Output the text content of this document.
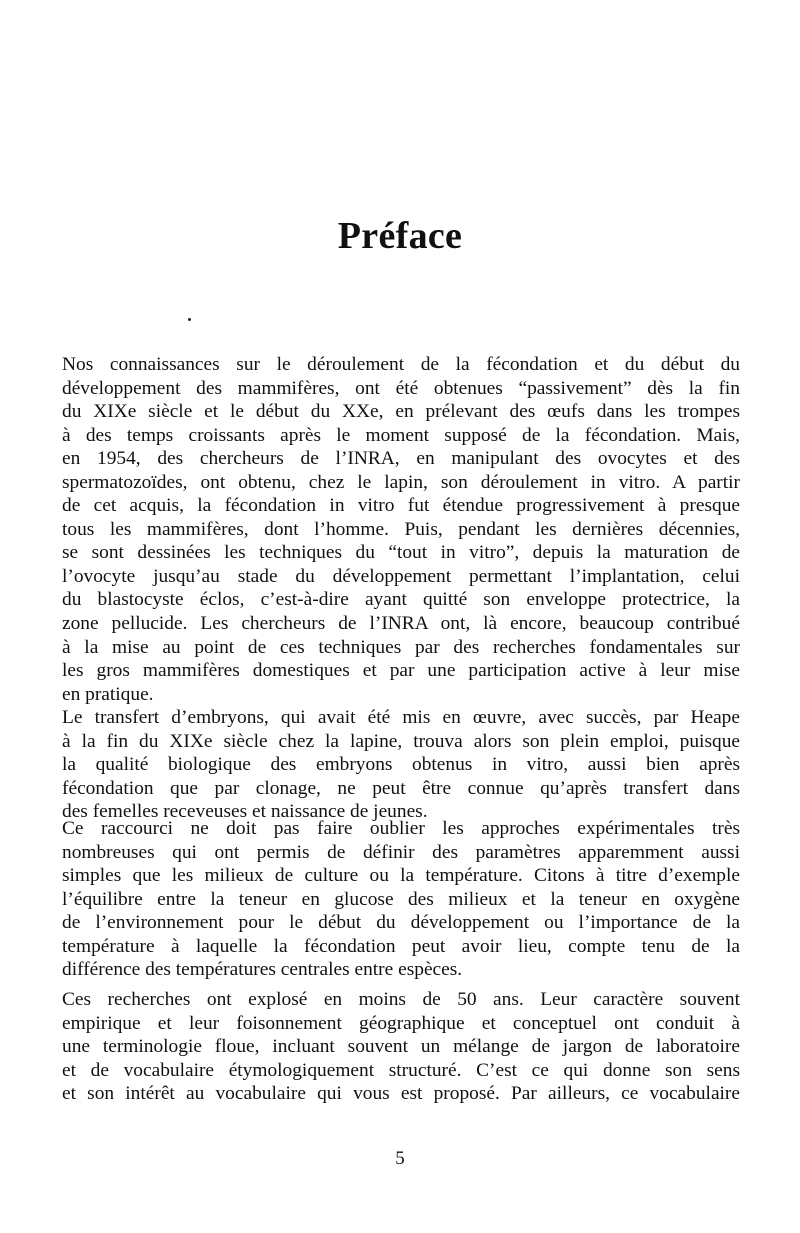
Préface
Nos connaissances sur le déroulement de la fécondation et du début du
développement des mammifères, ont été obtenues “passivement” dès la fin
du XIXe siècle et le début du XXe, en prélevant des œufs dans les trompes
à des temps croissants après le moment supposé de la fécondation. Mais,
en 1954, des chercheurs de l’INRA, en manipulant des ovocytes et des
spermatozoïdes, ont obtenu, chez le lapin, son déroulement in vitro. A partir
de cet acquis, la fécondation in vitro fut étendue progressivement à presque
tous les mammifères, dont l’homme. Puis, pendant les dernières décennies,
se sont dessinées les techniques du “tout in vitro”, depuis la maturation de
l’ovocyte jusqu’au stade du développement permettant l’implantation, celui
du blastocyste éclos, c’est-à-dire ayant quitté son enveloppe protectrice, la
zone pellucide. Les chercheurs de l’INRA ont, là encore, beaucoup contribué
à la mise au point de ces techniques par des recherches fondamentales sur
les gros mammifères domestiques et par une participation active à leur mise
en pratique.
Le transfert d’embryons, qui avait été mis en œuvre, avec succès, par Heape
à la fin du XIXe siècle chez la lapine, trouva alors son plein emploi, puisque
la qualité biologique des embryons obtenus in vitro, aussi bien après
fécondation que par clonage, ne peut être connue qu’après transfert dans
des femelles receveuses et naissance de jeunes.
Ce raccourci ne doit pas faire oublier les approches expérimentales très
nombreuses qui ont permis de définir des paramètres apparemment aussi
simples que les milieux de culture ou la température. Citons à titre d’exemple
l’équilibre entre la teneur en glucose des milieux et la teneur en oxygène
de l’environnement pour le début du développement ou l’importance de la
température à laquelle la fécondation peut avoir lieu, compte tenu de la
différence des températures centrales entre espèces.
Ces recherches ont explosé en moins de 50 ans. Leur caractère souvent
empirique et leur foisonnement géographique et conceptuel ont conduit à
une terminologie floue, incluant souvent un mélange de jargon de laboratoire
et de vocabulaire étymologiquement structuré. C’est ce qui donne son sens
et son intérêt au vocabulaire qui vous est proposé. Par ailleurs, ce vocabulaire
5
